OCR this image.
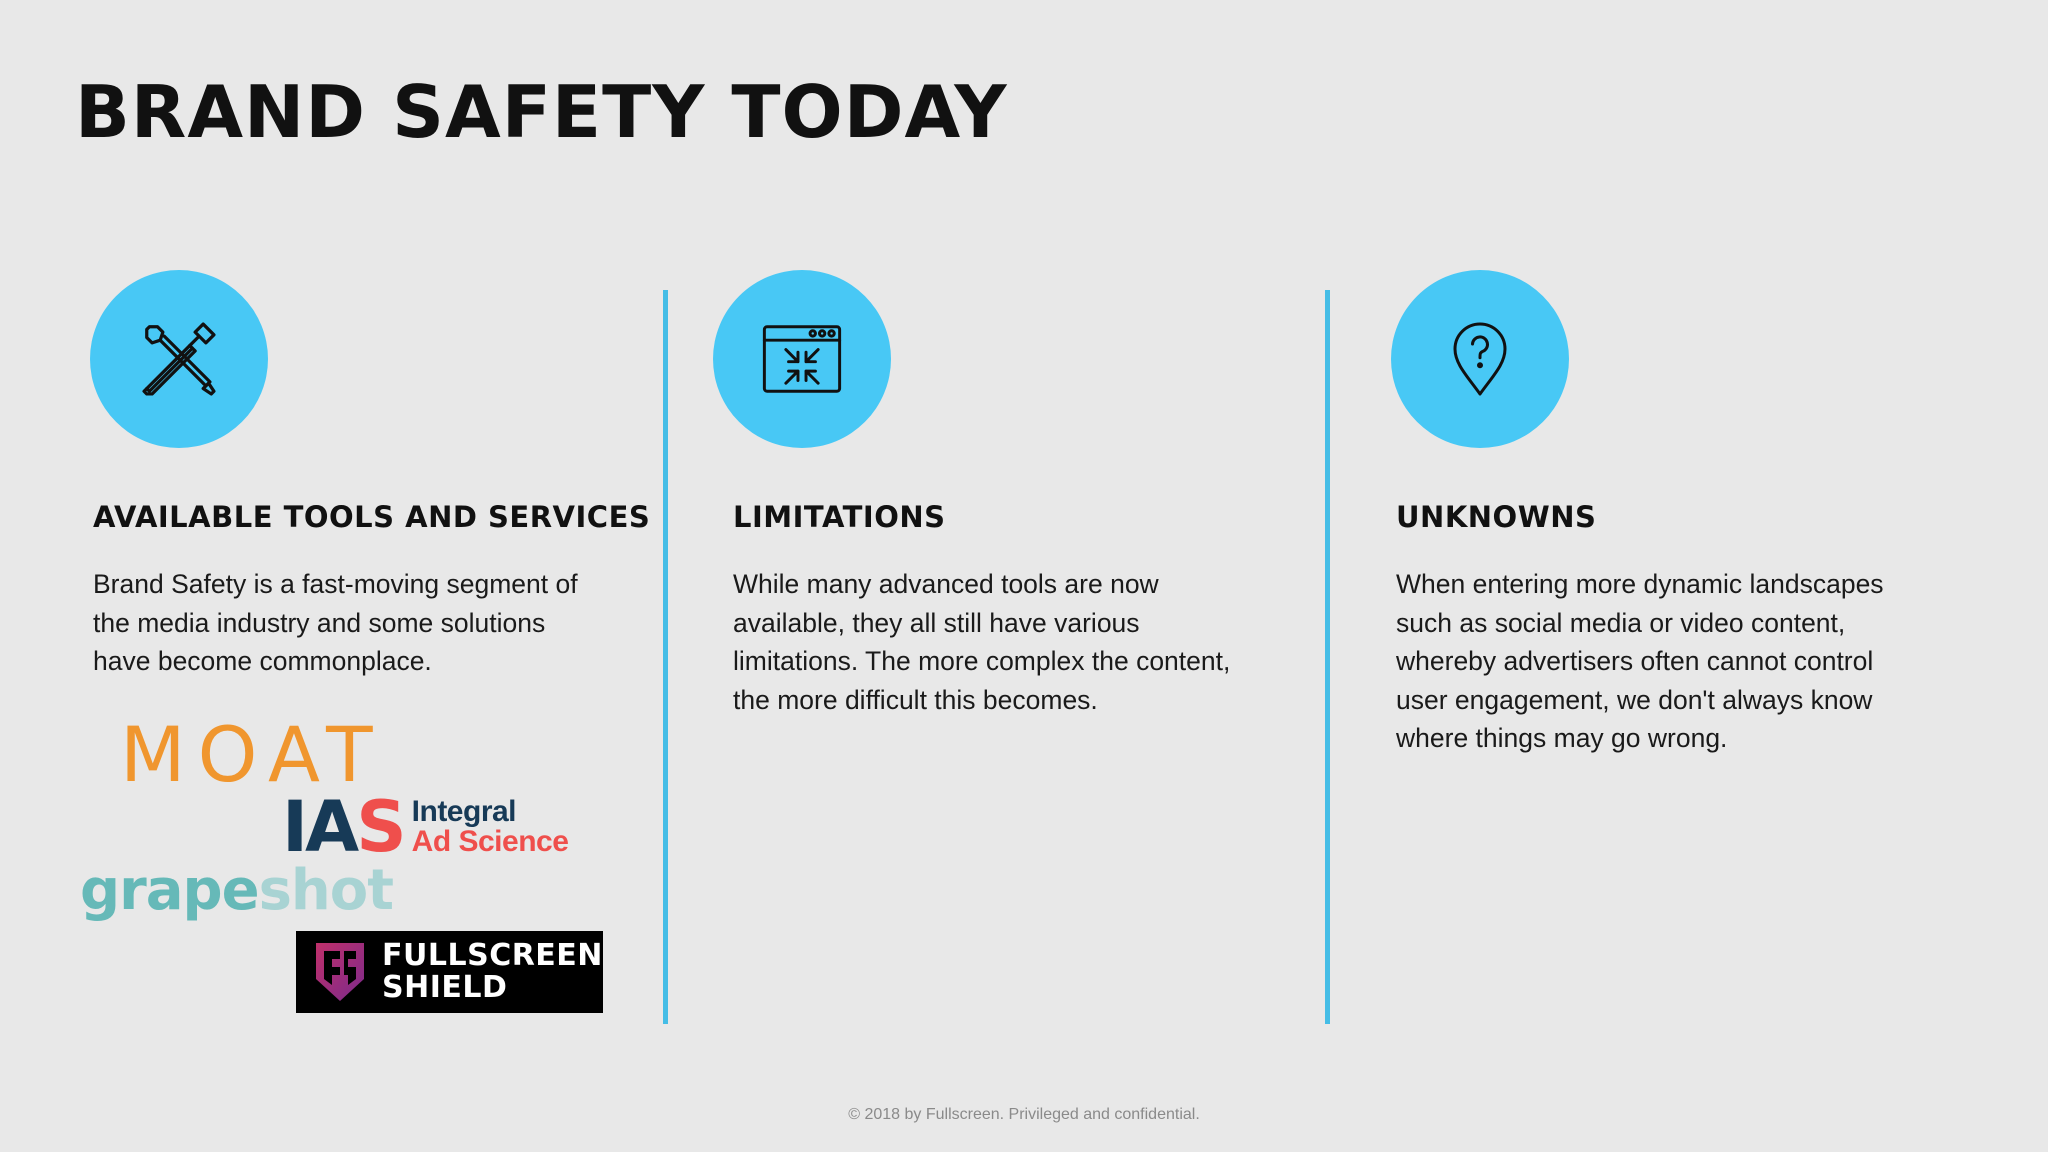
BRAND SAFETY TODAY
AVAILABLE TOOLS AND SERVICES
Brand Safety is a fast-moving segment of
the media industry and some solutions
have become commonplace.
MOAT
IAS Integral
Ad Science
grapeshot
FULLSCREEN
SHIELD
LIMITATIONS
While many advanced tools are now
available, they all still have various
limitations. The more complex the content,
the more difficult this becomes.
UNKNOWNS
When entering more dynamic landscapes
such as social media or video content,
whereby advertisers often cannot control
user engagement, we don't always know
where things may go wrong.
© 2018 by Fullscreen. Privileged and confidential.
